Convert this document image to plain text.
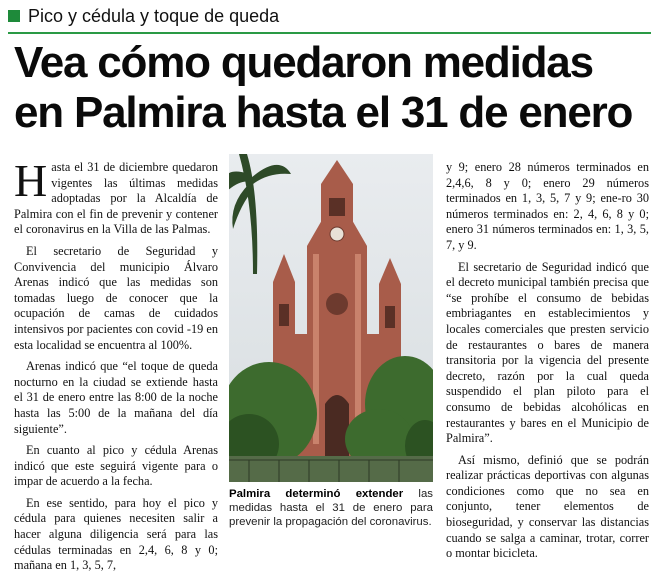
Pico y cédula y toque de queda
Vea cómo quedaron medidas
en Palmira hasta el 31 de enero

Hasta el 31 de diciembre quedaron vigentes las últimas medidas adoptadas por la Alcaldía de Palmira con el fin de prevenir y contener el coronavirus en la Villa de las Palmas.

El secretario de Seguridad y Convivencia del municipio Álvaro Arenas indicó que las medidas son tomadas luego de conocer que la ocupación de camas de cuidados intensivos por pacientes con covid -19 en esta localidad se encuentra al 100%.

Arenas indicó que “el toque de queda nocturno en la ciudad se extiende hasta el 31 de enero entre las 8:00 de la noche hasta las 5:00 de la mañana del día siguiente”.

En cuanto al pico y cédula Arenas indicó que este seguirá vigente para o impar de acuerdo a la fecha.

En ese sentido, para hoy el pico y cédula para quienes necesiten salir a hacer alguna diligencia será para las cédulas terminadas en 2,4, 6, 8 y 0; mañana en 1, 3, 5, 7,

Palmira determinó extender las medidas hasta el 31 de enero para prevenir la propagación del coronavirus.

y 9; enero 28 números terminados en 2,4,6, 8 y 0; enero 29 números terminados en 1, 3, 5, 7 y 9; ene-ro 30 números terminados en: 2, 4, 6, 8 y 0; enero 31 números terminados en: 1, 3, 5, 7, y 9.

El secretario de Seguridad indicó que el decreto municipal también precisa que “se prohíbe el consumo de bebidas embriagantes en establecimientos y locales comerciales que presten servicio de restaurantes o bares de manera transitoria por la vigencia del presente decreto, razón por la cual queda suspendido el plan piloto para el consumo de bebidas alcohólicas en restaurantes y bares en el Municipio de Palmira”.

Así mismo, definió que se podrán realizar prácticas deportivas con algunas condiciones como que no sea en conjunto, tener elementos de bioseguridad, y conservar las distancias cuando se salga a caminar, trotar, correr o montar bicicleta.
